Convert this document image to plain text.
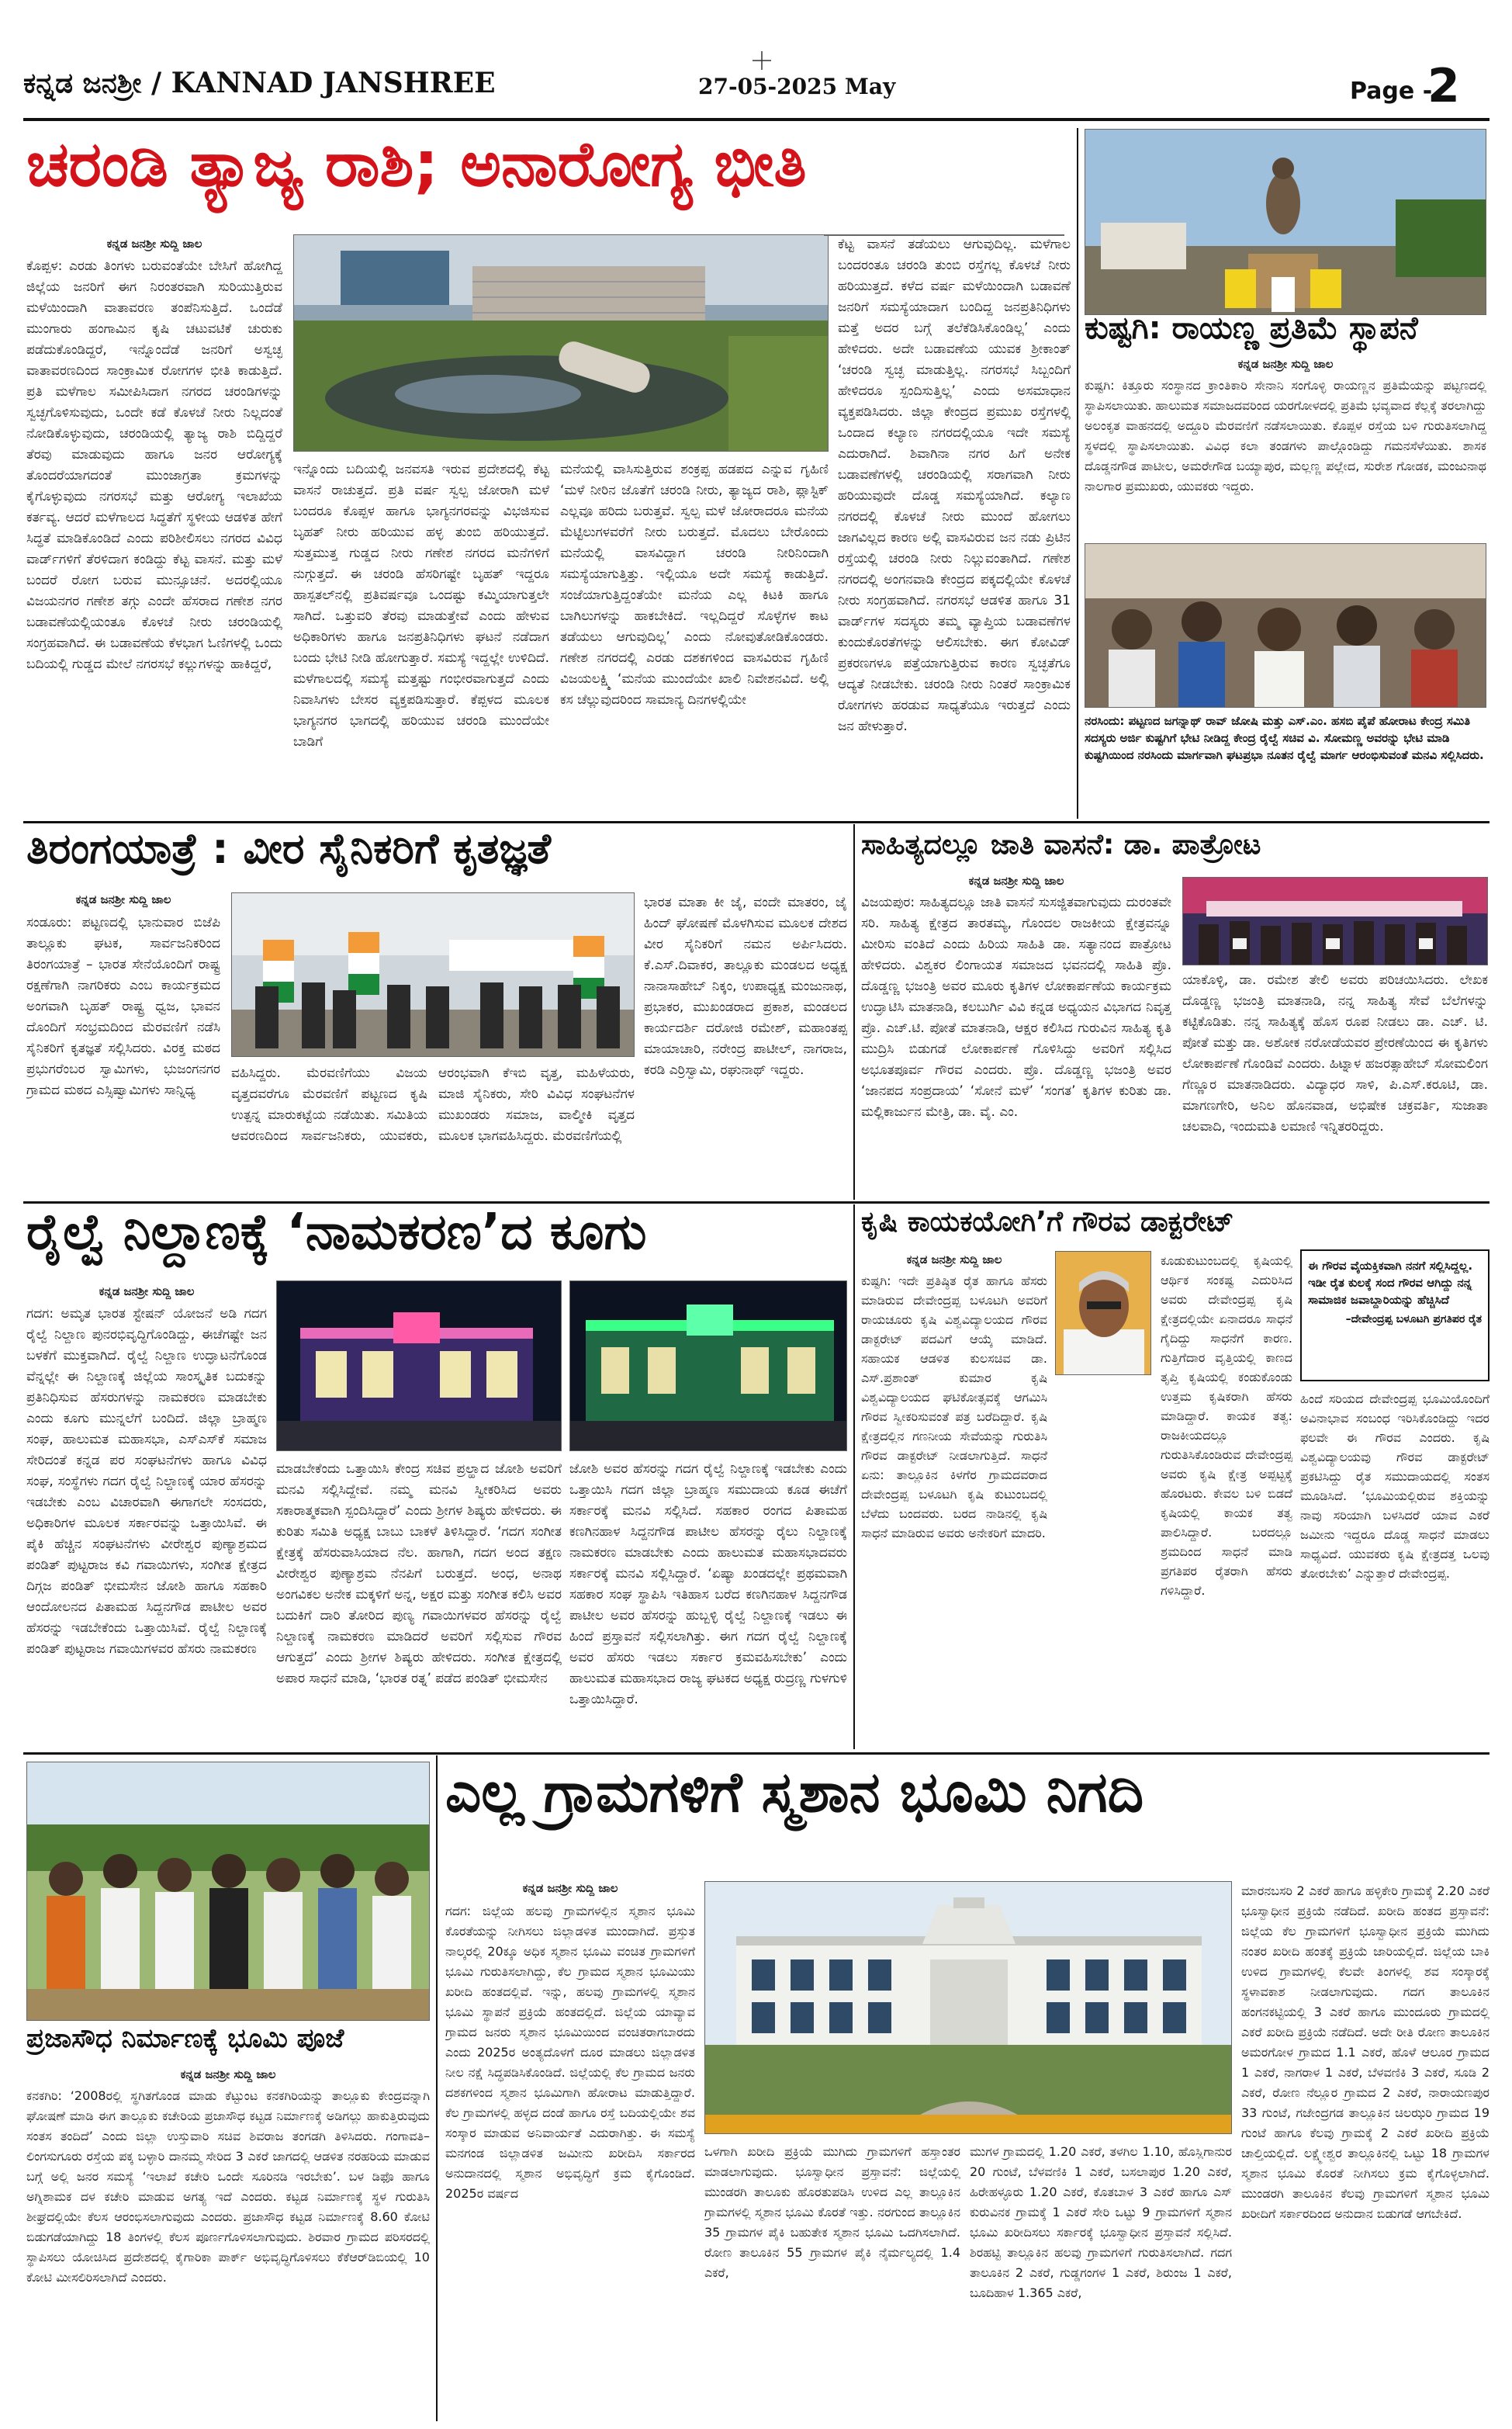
ಕನ್ನಡ ಜನಶ್ರೀ / KANNAD JANSHREE	27-05-2025 May	Page -
2
ಚರಂಡಿ ತ್ಯಾಜ್ಯ ರಾಶಿ; ಅನಾರೋಗ್ಯ ಭೀತಿ
ಕನ್ನಡ ಜನಶ್ರೀ ಸುದ್ದಿ ಜಾಲ
ಕೊಪ್ಪಳ: ಎರಡು ತಿಂಗಳು ಬರುವಂತೆಯೇ ಬೇಸಿಗೆ ಹೋಗಿದ್ದ ಜಿಲ್ಲೆಯ ಜನರಿಗೆ ಈಗ ನಿರಂತರವಾಗಿ ಸುರಿಯುತ್ತಿರುವ ಮಳೆಯಿಂದಾಗಿ ವಾತಾವರಣ ತಂಪೆನಿಸುತ್ತಿದೆ. ಒಂದೆಡೆ ಮುಂಗಾರು ಹಂಗಾಮಿನ ಕೃಷಿ ಚಟುವಟಿಕೆ ಚುರುಕು ಪಡೆದುಕೊಂಡಿದ್ದರೆ, ಇನ್ನೊಂದೆಡೆ ಜನರಿಗೆ ಅಸ್ವಚ್ಛ ವಾತಾವರಣದಿಂದ ಸಾಂಕ್ರಾಮಿಕ ರೋಗಗಳ ಭೀತಿ ಕಾಡುತ್ತಿದೆ. ಪ್ರತಿ ಮಳೆಗಾಲ ಸಮೀಪಿಸಿದಾಗ ನಗರದ ಚರಂಡಿಗಳನ್ನು ಸ್ವಚ್ಛಗೊಳಿಸುವುದು, ಒಂದೇ ಕಡೆ ಕೊಳಚೆ ನೀರು ನಿಲ್ಲದಂತೆ ನೋಡಿಕೊಳ್ಳುವುದು, ಚರಂಡಿಯಲ್ಲಿ ತ್ಯಾಜ್ಯ ರಾಶಿ ಬಿದ್ದಿದ್ದರೆ ತೆರವು ಮಾಡುವುದು ಹಾಗೂ ಜನರ ಆರೋಗ್ಯಕ್ಕೆ ತೊಂದರೆಯಾಗದಂತೆ ಮುಂಜಾಗ್ರತಾ ಕ್ರಮಗಳನ್ನು ಕೈಗೊಳ್ಳುವುದು ನಗರಸಭೆ ಮತ್ತು ಆರೋಗ್ಯ ಇಲಾಖೆಯ ಕರ್ತವ್ಯ. ಆದರೆ ಮಳೆಗಾಲದ ಸಿದ್ಧತೆಗೆ ಸ್ಥಳೀಯ ಆಡಳಿತ ಹೇಗೆ ಸಿದ್ಧತೆ ಮಾಡಿಕೊಂಡಿದೆ ಎಂದು ಪರಿಶೀಲಿಸಲು ನಗರದ ವಿವಿಧ ವಾರ್ಡ್‌ಗಳಿಗೆ ತೆರಳಿದಾಗ ಕಂಡಿದ್ದು ಕೆಟ್ಟ ವಾಸನೆ. ಮತ್ತು ಮಳೆ ಬಂದರೆ ರೋಗ ಬರುವ ಮುನ್ಸೂಚನೆ. ಅದರಲ್ಲಿಯೂ ವಿಜಯನಗರ ಗಣೇಶ ತಗ್ಗು ಎಂದೇ ಹೆಸರಾದ ಗಣೇಶ ನಗರ ಬಡಾವಣೆಯಲ್ಲಿಯಂತೂ ಕೊಳಚೆ ನೀರು ಚರಂಡಿಯಲ್ಲಿ ಸಂಗ್ರಹವಾಗಿದೆ. ಈ ಬಡಾವಣೆಯ ಕೆಳಭಾಗ ಓಣಿಗಳಲ್ಲಿ ಒಂದು ಬದಿಯಲ್ಲಿ ಗುಡ್ಡದ ಮೇಲೆ ನಗರಸಭೆ ಕಲ್ಲುಗಳನ್ನು ಹಾಕಿದ್ದರೆ,
ಇನ್ನೊಂದು ಬದಿಯಲ್ಲಿ ಜನವಸತಿ ಇರುವ ಪ್ರದೇಶದಲ್ಲಿ ಕೆಟ್ಟ ವಾಸನೆ ರಾಚುತ್ತದೆ. ಪ್ರತಿ ವರ್ಷ ಸ್ವಲ್ಪ ಜೋರಾಗಿ ಮಳೆ ಬಂದರೂ ಕೊಪ್ಪಳ ಹಾಗೂ ಭಾಗ್ಯನಗರವನ್ನು ವಿಭಜಿಸುವ ಬೃಹತ್ ನೀರು ಹರಿಯುವ ಹಳ್ಳ ತುಂಬಿ ಹರಿಯುತ್ತದೆ. ಸುತ್ತಮುತ್ತ ಗುಡ್ಡದ ನೀರು ಗಣೇಶ ನಗರದ ಮನೆಗಳಿಗೆ ನುಗ್ಗುತ್ತದೆ. ಈ ಚರಂಡಿ ಹೆಸರಿಗಷ್ಟೇ ಬೃಹತ್ ಇದ್ದರೂ ಹಾಸ್ಪತಲ್‌ನಲ್ಲಿ ಪ್ರತಿವರ್ಷವೂ ಒಂದಷ್ಟು ಕಮ್ಮಿಯಾಗುತ್ತಲೇ ಸಾಗಿದೆ. ಒತ್ತುವರಿ ತೆರವು ಮಾಡುತ್ತೇವೆ ಎಂದು ಹೇಳುವ ಅಧಿಕಾರಿಗಳು ಹಾಗೂ ಜನಪ್ರತಿನಿಧಿಗಳು ಘಟನೆ ನಡೆದಾಗ ಬಂದು ಭೇಟಿ ನೀಡಿ ಹೋಗುತ್ತಾರೆ. ಸಮಸ್ಯೆ ಇದ್ದಲ್ಲೇ ಉಳಿದಿದೆ. ಮಳೆಗಾಲದಲ್ಲಿ ಸಮಸ್ಯೆ ಮತ್ತಷ್ಟು ಗಂಭೀರವಾಗುತ್ತದೆ ಎಂದು ನಿವಾಸಿಗಳು ಬೇಸರ ವ್ಯಕ್ತಪಡಿಸುತ್ತಾರೆ. ಕೆಪ್ಪಳದ ಮೂಲಕ ಭಾಗ್ಯನಗರ ಭಾಗದಲ್ಲಿ ಹರಿಯುವ ಚರಂಡಿ ಮುಂದೆಯೇ ಬಾಡಿಗೆ
ಮನೆಯಲ್ಲಿ ವಾಸಿಸುತ್ತಿರುವ ಶಂಕ್ರಪ್ಪ ಹಡಪದ ಎನ್ನುವ ಗೃಹಿಣಿ ‘ಮಳೆ ನೀರಿನ ಜೊತೆಗೆ ಚರಂಡಿ ನೀರು, ತ್ಯಾಜ್ಯದ ರಾಶಿ, ಪ್ಲಾಸ್ಟಿಕ್ ಎಲ್ಲವೂ ಹರಿದು ಬರುತ್ತವೆ. ಸ್ವಲ್ಪ ಮಳೆ ಜೋರಾದರೂ ಮನೆಯ ಮೆಟ್ಟಿಲುಗಳವರೆಗೆ ನೀರು ಬರುತ್ತದೆ. ಮೊದಲು ಬೇರೊಂದು ಮನೆಯಲ್ಲಿ ವಾಸವಿದ್ದಾಗ ಚರಂಡಿ ನೀರಿನಿಂದಾಗಿ ಸಮಸ್ಯೆಯಾಗುತ್ತಿತ್ತು. ಇಲ್ಲಿಯೂ ಅದೇ ಸಮಸ್ಯೆ ಕಾಡುತ್ತಿದೆ. ಸಂಜೆಯಾಗುತ್ತಿದ್ದಂತೆಯೇ ಮನೆಯ ಎಲ್ಲ ಕಿಟಕಿ ಹಾಗೂ ಬಾಗಿಲುಗಳನ್ನು ಹಾಕಬೇಕಿದೆ. ಇಲ್ಲದಿದ್ದರೆ ಸೊಳ್ಳೆಗಳ ಕಾಟ ತಡೆಯಲು ಆಗುವುದಿಲ್ಲ’ ಎಂದು ನೋವುತೋಡಿಕೊಂಡರು. ಗಣೇಶ ನಗರದಲ್ಲಿ ಎರಡು ದಶಕಗಳಿಂದ ವಾಸವಿರುವ ಗೃಹಿಣಿ ವಿಜಯಲಕ್ಷ್ಮಿ ‘ಮನೆಯ ಮುಂದೆಯೇ ಖಾಲಿ ನಿವೇಶನವಿದೆ. ಅಲ್ಲಿ ಕಸ ಚೆಲ್ಲುವುದರಿಂದ ಸಾಮಾನ್ಯ ದಿನಗಳಲ್ಲಿಯೇ
ಕೆಟ್ಟ ವಾಸನೆ ತಡೆಯಲು ಆಗುವುದಿಲ್ಲ. ಮಳೆಗಾಲ ಬಂದರಂತೂ ಚರಂಡಿ ತುಂಬಿ ರಸ್ತೆಗಲ್ಲ ಕೊಳಚೆ ನೀರು ಹರಿಯುತ್ತದೆ. ಕಳೆದ ವರ್ಷ ಮಳೆಯಿಂದಾಗಿ ಬಡಾವಣೆ ಜನರಿಗೆ ಸಮಸ್ಯೆಯಾದಾಗ ಬಂದಿದ್ದ ಜನಪ್ರತಿನಿಧಿಗಳು ಮತ್ತೆ ಅದರ ಬಗ್ಗೆ ತಲೆಕೆಡಿಸಿಕೊಂಡಿಲ್ಲ’ ಎಂದು ಹೇಳಿದರು. ಅದೇ ಬಡಾವಣೆಯ ಯುವಕ ಶ್ರೀಕಾಂತ್ ‘ಚರಂಡಿ ಸ್ವಚ್ಛ ಮಾಡುತ್ತಿಲ್ಲ. ನಗರಸಭೆ ಸಿಬ್ಬಂದಿಗೆ ಹೇಳಿದರೂ ಸ್ಪಂದಿಸುತ್ತಿಲ್ಲ’ ಎಂದು ಅಸಮಾಧಾನ ವ್ಯಕ್ತಪಡಿಸಿದರು. ಜಿಲ್ಲಾ ಕೇಂದ್ರದ ಪ್ರಮುಖ ರಸ್ತೆಗಳಲ್ಲಿ ಒಂದಾದ ಕಲ್ಯಾಣ ನಗರದಲ್ಲಿಯೂ ಇದೇ ಸಮಸ್ಯೆ ಎದುರಾಗಿದೆ. ಶಿವಾಗಿನಾ ನಗರ ಹಿಗೆ ಅನೇಕ ಬಡಾವಣೆಗಳಲ್ಲಿ ಚರಂಡಿಯಲ್ಲಿ ಸರಾಗವಾಗಿ ನೀರು ಹರಿಯುವುದೇ ದೊಡ್ಡ ಸಮಸ್ಯೆಯಾಗಿದೆ. ಕಲ್ಯಾಣ ನಗರದಲ್ಲಿ ಕೊಳಚೆ ನೀರು ಮುಂದೆ ಹೋಗಲು ಜಾಗವಿಲ್ಲದ ಕಾರಣ ಅಲ್ಲಿ ವಾಸವಿರುವ ಜನ ನಡು ಪ್ರಿಟಿನ ರಸ್ತೆಯಲ್ಲಿ ಚರಂಡಿ ನೀರು ನಿಲ್ಲುವಂತಾಗಿದೆ. ಗಣೇಶ ನಗರದಲ್ಲಿ ಅಂಗನವಾಡಿ ಕೇಂದ್ರದ ಪಕ್ಕದಲ್ಲಿಯೇ ಕೊಳಚೆ ನೀರು ಸಂಗ್ರಹವಾಗಿದೆ. ನಗರಸಭೆ ಆಡಳಿತ ಹಾಗೂ 31 ವಾರ್ಡ್‌ಗಳ ಸದಸ್ಯರು ತಮ್ಮ ವ್ಯಾಪ್ತಿಯ ಬಡಾವಣೆಗಳ ಕುಂದುಕೊರತೆಗಳನ್ನು ಆಲಿಸಬೇಕು. ಈಗ ಕೋವಿಡ್ ಪ್ರಕರಣಗಳೂ ಪತ್ತೆಯಾಗುತ್ತಿರುವ ಕಾರಣ ಸ್ವಚ್ಛತೆಗೂ ಆದ್ಯತೆ ನೀಡಬೇಕು. ಚರಂಡಿ ನೀರು ನಿಂತರೆ ಸಾಂಕ್ರಾಮಿಕ ರೋಗಗಳು ಹರಡುವ ಸಾಧ್ಯತೆಯೂ ಇರುತ್ತದೆ ಎಂದು ಜನ ಹೇಳುತ್ತಾರೆ.
ಕುಷ್ಟಗಿ: ರಾಯಣ್ಣ ಪ್ರತಿಮೆ ಸ್ಥಾಪನೆ
ಕನ್ನಡ ಜನಶ್ರೀ ಸುದ್ದಿ ಜಾಲ
ಕುಷ್ಟಗಿ: ಕಿತ್ತೂರು ಸಂಸ್ಥಾನದ ಕ್ರಾಂತಿಕಾರಿ ಸೇನಾನಿ ಸಂಗೊಳ್ಳಿ ರಾಯಣ್ಣನ ಪ್ರತಿಮೆಯನ್ನು ಪಟ್ಟಣದಲ್ಲಿ ಸ್ಥಾಪಿಸಲಾಯಿತು. ಹಾಲುಮತ ಸಮಾಜದವರಿಂದ ಯರಗೋಳದಲ್ಲಿ ಪ್ರತಿಮೆ ಭವ್ಯವಾದ ಕೆಲ್ಲಕ್ಕೆ ತರಲಾಗಿದ್ದು ಅಲಂಕೃತ ವಾಹನದಲ್ಲಿ ಅದ್ದೂರಿ ಮೆರವಣಿಗೆ ನಡೆಸಲಾಯಿತು. ಕೊಪ್ಪಳ ರಸ್ತೆಯ ಬಳಿ ಗುರುತಿಸಲಾಗಿದ್ದ ಸ್ಥಳದಲ್ಲಿ ಸ್ಥಾಪಿಸಲಾಯಿತು. ವಿವಿಧ ಕಲಾ ತಂಡಗಳು ಪಾಲ್ಗೊಂಡಿದ್ದು ಗಮನಸೆಳೆಯಿತು. ಶಾಸಕ ದೊಡ್ಡನಗೌಡ ಪಾಟೀಲ, ಅಮರೇಗೌಡ ಬಯ್ಯಾಪುರ, ಮಲ್ಲಣ್ಣ ಪಲ್ಲೇದ, ಸುರೇಶ ಗೋಡಕ, ಮಂಜುನಾಥ ನಾಲಗಾರ ಪ್ರಮುಖರು, ಯುವಕರು ಇದ್ದರು.
ನರಸಿಂದು: ಪಟ್ಟಣದ ಜಗನ್ನಾಥ್ ರಾವ್ ಜೋಷಿ ಮತ್ತು ಎಸ್.ಎಂ. ಹಸಬಿ ಪೈಪೆ ಹೋರಾಟ ಕೇಂದ್ರ ಸಮಿತಿ ಸದಸ್ಯರು ಅರ್ಜಿ ಕುಷ್ಟಗಿಗೆ ಭೇಟಿ ನೀಡಿದ್ದ ಕೇಂದ್ರ ರೈಲ್ವೆ ಸಚಿವ ವಿ. ಸೋಮಣ್ಣ ಅವರನ್ನು ಭೇಟಿ ಮಾಡಿ ಕುಷ್ಟಗಿಯಿಂದ ನರಸಿಂದು ಮಾರ್ಗವಾಗಿ ಘಟಪ್ರಭಾ ನೂತನ ರೈಲ್ವೆ ಮಾರ್ಗ ಆರಂಭಿಸುವಂತೆ ಮನವಿ ಸಲ್ಲಿಸಿದರು.
ತಿರಂಗಯಾತ್ರೆ : ವೀರ ಸೈನಿಕರಿಗೆ ಕೃತಜ್ಞತೆ
ಕನ್ನಡ ಜನಶ್ರೀ ಸುದ್ದಿ ಜಾಲ
ಸಂಡೂರು: ಪಟ್ಟಣದಲ್ಲಿ ಭಾನುವಾರ ಬಿಜೆಪಿ ತಾಲ್ಲೂಕು ಘಟಕ, ಸಾರ್ವಜನಿಕರಿಂದ ತಿರಂಗಯಾತ್ರೆ – ಭಾರತ ಸೇನೆಯೊಂದಿಗೆ ರಾಷ್ಟ್ರ ರಕ್ಷಣೆಗಾಗಿ ನಾಗರಿಕರು ಎಂಬ ಕಾರ್ಯಕ್ರಮದ ಅಂಗವಾಗಿ ಬೃಹತ್ ರಾಷ್ಟ್ರ ಧ್ವಜ, ಭಾವನ ದೊಂದಿಗೆ ಸಂಭ್ರಮದಿಂದ ಮೆರವಣಿಗೆ ನಡೆಸಿ ಸೈನಿಕರಿಗೆ ಕೃತಜ್ಞತೆ ಸಲ್ಲಿಸಿದರು. ವಿರಕ್ತ ಮಠದ ಪ್ರಭುಗರೆಂಬರ ಸ್ವಾಮಿಗಳು, ಭುಜಂಗನಗರ ಗ್ರಾಮದ ಮಠದ ಎಸ್ಸಿಷ್ವಾಮಿಗಳು ಸಾನ್ನಿಧ್ಯ
ವಹಿಸಿದ್ದರು. ಮೆರವಣಿಗೆಯು ವಿಜಯ ವೃತ್ತದವರೆಗೂ ಮೆರವಣಿಗೆ ಪಟ್ಟಣದ ಕೃಷಿ ಉತ್ಪನ್ನ ಮಾರುಕಟ್ಟೆಯ ನಡೆಯಿತು. ಸಮಿತಿಯ ಆವರಣದಿಂದ ಸಾರ್ವಜನಿಕರು, ಯುವಕರು, ಆರಂಭವಾಗಿ ಕೆಇಬಿ ವೃತ್ತ, ಮಹಿಳೆಯರು, ಮಾಜಿ ಸೈನಿಕರು, ಸೇರಿ ವಿವಿಧ ಸಂಘಟನೆಗಳ ಮುಖಂಡರು ಸಮಾಜ, ವಾಲ್ಮೀಕಿ ವೃತ್ತದ ಮೂಲಕ ಭಾಗವಹಿಸಿದ್ದರು. ಮೆರವಣಿಗೆಯಲ್ಲಿ
ಭಾರತ ಮಾತಾ ಕೀ ಜೈ, ವಂದೇ ಮಾತರಂ, ಜೈ ಹಿಂದ್ ಘೋಷಣೆ ಮೊಳಗಿಸುವ ಮೂಲಕ ದೇಶದ ವೀರ ಸೈನಿಕರಿಗೆ ನಮನ ಅರ್ಪಿಸಿದರು. ಕೆ.ಎಸ್.ದಿವಾಕರ, ತಾಲ್ಲೂಕು ಮಂಡಲದ ಅಧ್ಯಕ್ಷ ನಾನಾಸಾಹೇಬ್ ನಿಕ್ಕಂ, ಉಪಾಧ್ಯಕ್ಷ ಮಂಜುನಾಥ, ಪ್ರಭಾಕರ, ಮುಖಂಡರಾದ ಪ್ರಕಾಶ, ಮಂಡಲದ ಕಾರ್ಯದರ್ಶಿ ದರೋಜಿ ರಮೇಶ್, ಮಹಾಂತಪ್ಪ ಮಾಯಾಚಾರಿ, ನರೇಂದ್ರ ಪಾಟೀಲ್, ನಾಗರಾಜ, ಕರಡಿ ಎರ್ರಿಸ್ವಾಮಿ, ರಘುನಾಥ್ ಇದ್ದರು.
ಸಾಹಿತ್ಯದಲ್ಲೂ ಜಾತಿ ವಾಸನೆ: ಡಾ. ಪಾತ್ರೋಟ
ಕನ್ನಡ ಜನಶ್ರೀ ಸುದ್ದಿ ಜಾಲ
ವಿಜಯಪುರ: ಸಾಹಿತ್ಯದಲ್ಲೂ ಜಾತಿ ವಾಸನೆ ಸುಸಜ್ಜಿತವಾಗುವುದು ದುರಂತವೇ ಸರಿ. ಸಾಹಿತ್ಯ ಕ್ಷೇತ್ರದ ತಾರತಮ್ಯ, ಗೊಂದಲ ರಾಜಕೀಯ ಕ್ಷೇತ್ರವನ್ನೂ ಮೀರಿಸು ವಂತಿದೆ ಎಂದು ಹಿರಿಯ ಸಾಹಿತಿ ಡಾ. ಸತ್ಯಾನಂದ ಪಾತ್ರೋಟ ಹೇಳಿದರು. ವಿಶ್ವಕರ ಲಿಂಗಾಯತ ಸಮಾಜದ ಭವನದಲ್ಲಿ ಸಾಹಿತಿ ಪ್ರೊ. ದೊಡ್ಡಣ್ಣ ಭಜಂತ್ರಿ ಅವರ ಮೂರು ಕೃತಿಗಳ ಲೋಕಾರ್ಪಣೆಯ ಕಾರ್ಯಕ್ರಮ ಉದ್ಘಾಟಿಸಿ ಮಾತನಾಡಿ, ಕಲಬುರ್ಗಿ ವಿವಿ ಕನ್ನಡ ಅಧ್ಯಯನ ವಿಭಾಗದ ನಿವೃತ್ತ ಪ್ರೊ. ಎಚ್.ಟಿ. ಪೋತೆ ಮಾತನಾಡಿ, ಆಕ್ಷರ ಕಲಿಸಿದ ಗುರುವಿನ ಸಾಹಿತ್ಯ ಕೃತಿ ಮುದ್ರಿಸಿ ಬಿಡುಗಡೆ ಲೋಕಾರ್ಪಣೆ ಗೊಳಿಸಿದ್ದು ಅವರಿಗೆ ಸಲ್ಲಿಸಿದ ಅಭೂತಪೂರ್ವ ಗೌರವ ಎಂದರು. ಪ್ರೊ. ದೊಡ್ಡಣ್ಣ ಭಜಂತ್ರಿ ಅವರ ‘ಜಾನಪದ ಸಂಪ್ರದಾಯ’ ‘ಸೋನೆ ಮಳೆ’ ‘ಸಂಗತ’ ಕೃತಿಗಳ ಕುರಿತು ಡಾ. ಮಲ್ಲಿಕಾರ್ಜುನ ಮೇತ್ರಿ, ಡಾ. ವೈ. ಎಂ.
ಯಾಕೊಳ್ಳಿ, ಡಾ. ರಮೇಶ ತೇಲಿ ಅವರು ಪರಿಚಯಿಸಿದರು. ಲೇಖಕ ದೊಡ್ಡಣ್ಣ ಭಜಂತ್ರಿ ಮಾತನಾಡಿ, ನನ್ನ ಸಾಹಿತ್ಯ ಸೇವೆ ಬೆಲೆಗಳನ್ನು ಕಟ್ಟಿಕೊಡಿತು. ನನ್ನ ಸಾಹಿತ್ಯಕ್ಕೆ ಹೊಸ ರೂಪ ನೀಡಲು ಡಾ. ಎಚ್. ಟಿ. ಪೋತೆ ಮತ್ತು ಡಾ. ಅಶೋಕ ನರೋಡೆಯವರ ಪ್ರೇರಣೆಯಿಂದ ಈ ಕೃತಿಗಳು ಲೋಕಾರ್ಪಣೆ ಗೊಂಡಿವೆ ಎಂದರು. ಹಿಟ್ನಾಳ ಹಜರತ್ಸಾಹೇಬ್ ಸೋಮಲಿಂಗ ಗೆಣ್ಣೂರ ಮಾತನಾಡಿದರು. ವಿದ್ಯಾಧರ ಸಾಳಿ, ಪಿ.ಎಸ್.ಕರೂಟಿ, ಡಾ. ಮಾಗಣಗೇರಿ, ಅನಿಲ ಹೊನವಾಡ, ಅಭಿಷೇಕ ಚಕ್ರವರ್ತಿ, ಸುಜಾತಾ ಚಲವಾದಿ, ಇಂದುಮತಿ ಲಮಾಣಿ ಇನ್ನಿತರರಿದ್ದರು.
ರೈಲ್ವೆ ನಿಲ್ದಾಣಕ್ಕೆ ‘ನಾಮಕರಣ’ದ ಕೂಗು
ಕನ್ನಡ ಜನಶ್ರೀ ಸುದ್ದಿ ಜಾಲ
ಗದಗ: ಅಮೃತ ಭಾರತ ಸ್ಟೇಷನ್ ಯೋಜನೆ ಅಡಿ ಗದಗ ರೈಲ್ವೆ ನಿಲ್ದಾಣ ಪುನರಭಿವೃದ್ಧಿಗೊಂಡಿದ್ದು, ಈಚೆಗಷ್ಟೇ ಜನ ಬಳಕೆಗೆ ಮುಕ್ತವಾಗಿದೆ. ರೈಲ್ವೆ ನಿಲ್ದಾಣ ಉದ್ಘಾಟನೆಗೊಂಡ ವೆನ್ನಲ್ಲೇ ಈ ನಿಲ್ದಾಣಕ್ಕೆ ಜಿಲ್ಲೆಯ ಸಾಂಸ್ಕೃತಿಕ ಬದುಕನ್ನು ಪ್ರತಿನಿಧಿಸುವ ಹೆಸರುಗಳನ್ನು ನಾಮಕರಣ ಮಾಡಬೇಕು ಎಂದು ಕೂಗು ಮುನ್ನಲೆಗೆ ಬಂದಿದೆ. ಜಿಲ್ಲಾ ಬ್ರಾಹ್ಮಣ ಸಂಘ, ಹಾಲುಮತ ಮಹಾಸಭಾ, ಎಸ್‌ಎಸ್‌ಕೆ ಸಮಾಜ ಸೇರಿದಂತೆ ಕನ್ನಡ ಪರ ಸಂಘಟನೆಗಳು ಹಾಗೂ ವಿವಿಧ ಸಂಘ, ಸಂಸ್ಥೆಗಳು ಗದಗ ರೈಲ್ವೆ ನಿಲ್ದಾಣಕ್ಕೆ ಯಾರ ಹೆಸರನ್ನು ಇಡಬೇಕು ಎಂಬ ವಿಚಾರವಾಗಿ ಈಗಾಗಲೇ ಸಂಸದರು, ಅಧಿಕಾರಿಗಳ ಮೂಲಕ ಸರ್ಕಾರವನ್ನು ಒತ್ತಾಯಿಸಿವೆ. ಈ ಪೈಕಿ ಹೆಚ್ಚಿನ ಸಂಘಟನೆಗಳು ವೀರೇಶ್ವರ ಪುಣ್ಯಾಶ್ರಮದ ಪಂಡಿತ್ ಪುಟ್ಟರಾಜ ಕವಿ ಗವಾಯಿಗಳು, ಸಂಗೀತ ಕ್ಷೇತ್ರದ ದಿಗ್ಗಜ ಪಂಡಿತ್ ಭೀಮಸೇನ ಜೋಶಿ ಹಾಗೂ ಸಹಕಾರಿ ಆಂದೋಲನದ ಪಿತಾಮಹ ಸಿದ್ದನಗೌಡ ಪಾಟೀಲ ಅವರ ಹೆಸರನ್ನು ಇಡಬೇಕೆಂದು ಒತ್ತಾಯಿಸಿವೆ. ರೈಲ್ವೆ ನಿಲ್ದಾಣಕ್ಕೆ ಪಂಡಿತ್ ಪುಟ್ಟರಾಜ ಗವಾಯಿಗಳವರ ಹೆಸರು ನಾಮಕರಣ
ಮಾಡಬೇಕೆಂದು ಒತ್ತಾಯಿಸಿ ಕೇಂದ್ರ ಸಚಿವ ಪ್ರಲ್ಹಾದ ಜೋಶಿ ಅವರಿಗೆ ಮನವಿ ಸಲ್ಲಿಸಿದ್ದೇವೆ. ನಮ್ಮ ಮನವಿ ಸ್ವೀಕರಿಸಿದ ಅವರು ಸಕಾರಾತ್ಮಕವಾಗಿ ಸ್ಪಂದಿಸಿದ್ದಾರೆ’ ಎಂದು ಶ್ರೀಗಳ ಶಿಷ್ಯರು ಹೇಳಿದರು. ಈ ಕುರಿತು ಸಮಿತಿ ಅಧ್ಯಕ್ಷ ಬಾಬು ಬಾಕಳೆ ತಿಳಿಸಿದ್ದಾರೆ. ‘ಗದಗ ಸಂಗೀತ ಕ್ಷೇತ್ರಕ್ಕೆ ಹೆಸರುವಾಸಿಯಾದ ನೆಲ. ಹಾಗಾಗಿ, ಗದಗ ಅಂದ ತಕ್ಷಣ ವೀರೇಶ್ವರ ಪುಣ್ಯಾಶ್ರಮ ನೆನಪಿಗೆ ಬರುತ್ತದೆ. ಅಂಧ, ಅನಾಥ ಅಂಗವಿಕಲ ಅನೇಕ ಮಕ್ಕಳಿಗೆ ಅನ್ನ, ಅಕ್ಷರ ಮತ್ತು ಸಂಗೀತ ಕಲಿಸಿ ಅವರ ಬದುಕಿಗೆ ದಾರಿ ತೋರಿದ ಪುಣ್ಯ ಗವಾಯಿಗಳವರ ಹೆಸರನ್ನು ರೈಲ್ವೆ ನಿಲ್ದಾಣಕ್ಕೆ ನಾಮಕರಣ ಮಾಡಿದರೆ ಅವರಿಗೆ ಸಲ್ಲಿಸುವ ಗೌರವ ಆಗುತ್ತದೆ’ ಎಂದು ಶ್ರೀಗಳ ಶಿಷ್ಯರು ಹೇಳಿದರು. ಸಂಗೀತ ಕ್ಷೇತ್ರದಲ್ಲಿ ಅಪಾರ ಸಾಧನೆ ಮಾಡಿ, ‘ಭಾರತ ರತ್ನ’ ಪಡೆದ ಪಂಡಿತ್ ಭೀಮಸೇನ
ಜೋಶಿ ಅವರ ಹೆಸರನ್ನು ಗದಗ ರೈಲ್ವೆ ನಿಲ್ದಾಣಕ್ಕೆ ಇಡಬೇಕು ಎಂದು ಒತ್ತಾಯಿಸಿ ಗದಗ ಜಿಲ್ಲಾ ಬ್ರಾಹ್ಮಣ ಸಮುದಾಯ ಕೂಡ ಈಚೆಗೆ ಸರ್ಕಾರಕ್ಕೆ ಮನವಿ ಸಲ್ಲಿಸಿದೆ. ಸಹಕಾರ ರಂಗದ ಪಿತಾಮಹ ಕಣಗಿನಹಾಳ ಸಿದ್ದನಗೌಡ ಪಾಟೀಲ ಹೆಸರನ್ನು ರೈಲು ನಿಲ್ದಾಣಕ್ಕೆ ನಾಮಕರಣ ಮಾಡಬೇಕು ಎಂದು ಹಾಲುಮತ ಮಹಾಸಭಾದವರು ಸರ್ಕಾರಕ್ಕೆ ಮನವಿ ಸಲ್ಲಿಸಿದ್ದಾರೆ. ‘ಏಷ್ಯಾ ಖಂಡದಲ್ಲೇ ಪ್ರಥಮವಾಗಿ ಸಹಕಾರ ಸಂಘ ಸ್ಥಾಪಿಸಿ ಇತಿಹಾಸ ಬರೆದ ಕಣಗಿನಹಾಳ ಸಿದ್ದನಗೌಡ ಪಾಟೀಲ ಅವರ ಹೆಸರನ್ನು ಹುಬ್ಬಳ್ಳಿ ರೈಲ್ವೆ ನಿಲ್ದಾಣಕ್ಕೆ ಇಡಲು ಈ ಹಿಂದೆ ಪ್ರಸ್ತಾವನೆ ಸಲ್ಲಿಸಲಾಗಿತ್ತು. ಈಗ ಗದಗ ರೈಲ್ವೆ ನಿಲ್ದಾಣಕ್ಕೆ ಅವರ ಹೆಸರು ಇಡಲು ಸರ್ಕಾರ ಕ್ರಮವಹಿಸಬೇಕು’ ಎಂದು ಹಾಲುಮತ ಮಹಾಸಭಾದ ರಾಜ್ಯ ಘಟಕದ ಅಧ್ಯಕ್ಷ ರುದ್ರಣ್ಣ ಗುಳಗುಳಿ ಒತ್ತಾಯಿಸಿದ್ದಾರೆ.
ಕೃಷಿ ಕಾಯಕಯೋಗಿ’ಗೆ ಗೌರವ ಡಾಕ್ಟರೇಟ್
ಕನ್ನಡ ಜನಶ್ರೀ ಸುದ್ದಿ ಜಾಲ
ಕುಷ್ಟಗಿ: ಇದೇ ಪ್ರತಿಷ್ಠಿತ ರೈತ ಹಾಗೂ ಹೆಸರು ಮಾಡಿರುವ ದೇವೇಂದ್ರಪ್ಪ ಬಳೂಟಗಿ ಅವರಿಗೆ ರಾಯಚೂರು ಕೃಷಿ ವಿಶ್ವವಿದ್ಯಾಲಯದ ಗೌರವ ಡಾಕ್ಟರೇಟ್ ಪದವಿಗೆ ಆಯ್ಕೆ ಮಾಡಿದೆ. ಸಹಾಯಕ ಆಡಳಿತ ಕುಲಸಚಿವ ಡಾ. ಎಸ್.ಪ್ರಶಾಂತ್ ಕುಮಾರ ಕೃಷಿ ವಿಶ್ವವಿದ್ಯಾಲಯದ ಘಟಿಕೋತ್ಸವಕ್ಕೆ ಆಗಮಿಸಿ ಗೌರವ ಸ್ವೀಕರಿಸುವಂತೆ ಪತ್ರ ಬರೆದಿದ್ದಾರೆ. ಕೃಷಿ ಕ್ಷೇತ್ರದಲ್ಲಿನ ಗಣನೀಯ ಸೇವೆಯನ್ನು ಗುರುತಿಸಿ ಗೌರವ ಡಾಕ್ಟರೇಟ್ ನೀಡಲಾಗುತ್ತಿದೆ. ಸಾಧನೆ ಏನು: ತಾಲ್ಲೂಕಿನ ಕಿಳಗೆರ ಗ್ರಾಮದವರಾದ ದೇವೇಂದ್ರಪ್ಪ ಬಳೂಟಗಿ ಕೃಷಿ ಕುಟುಂಬದಲ್ಲಿ ಬೆಳೆದು ಬಂದವರು. ಬರದ ನಾಡಿನಲ್ಲಿ ಕೃಷಿ ಸಾಧನೆ ಮಾಡಿರುವ ಅವರು ಅನೇಕರಿಗೆ ಮಾದರಿ.
ಕೂಡುಕುಟುಂಬದಲ್ಲಿ ಕೃಷಿಯಲ್ಲಿ ಆರ್ಥಿಕ ಸಂಕಷ್ಟ ಎದುರಿಸಿದ ಅವರು ದೇವೇಂದ್ರಪ್ಪ ಕೃಷಿ ಕ್ಷೇತ್ರದಲ್ಲಿಯೇ ಏನಾದರೂ ಸಾಧನೆ ಗೈದಿದ್ದು ಸಾಧನೆಗೆ ಕಾರಣ. ಗುತ್ತಿಗೆದಾರ ವೃತ್ತಿಯಲ್ಲಿ ಕಾಣದ ತೃಪ್ತಿ ಕೃಷಿಯಲ್ಲಿ ಕಂಡುಕೊಂಡು ಉತ್ತಮ ಕೃಷಿಕರಾಗಿ ಹೆಸರು ಮಾಡಿದ್ದಾರೆ. ಕಾಯಕ ತತ್ವ: ರಾಜಕೀಯದಲ್ಲೂ ಗುರುತಿಸಿಕೊಂಡಿರುವ ದೇವೇಂದ್ರಪ್ಪ ಅವರು ಕೃಷಿ ಕ್ಷೇತ್ರ ಅಪ್ಪಟ್ಟಕ್ಕೆ ಹೊರಟರು. ಕೇವಲ ಬಳಿ ಬಿಡದೆ ಕೃಷಿಯಲ್ಲಿ ಕಾಯಕ ತತ್ವ ಪಾಲಿಸಿದ್ದಾರೆ. ಬರದಲ್ಲೂ ಶ್ರಮದಿಂದ ಸಾಧನೆ ಮಾಡಿ ಪ್ರಗತಿಪರ ರೈತರಾಗಿ ಹೆಸರು ಗಳಿಸಿದ್ದಾರೆ.
ಈ ಗೌರವ ವೈಯಕ್ತಿಕವಾಗಿ ನನಗೆ ಸಲ್ಲಿಸಿದ್ದಲ್ಲ. ಇಡೀ ರೈತ ಕುಲಕ್ಕೆ ಸಂದ ಗೌರವ ಆಗಿದ್ದು ನನ್ನ ಸಾಮಾಜಿಕ ಜವಾಬ್ದಾರಿಯನ್ನು ಹೆಚ್ಚಿಸಿದೆ
–ದೇವೇಂದ್ರಪ್ಪ ಬಳೂಟಗಿ ಪ್ರಗತಿಪರ ರೈತ
ಹಿಂದೆ ಸರಿಯದ ದೇವೇಂದ್ರಪ್ಪ ಭೂಮಿಯೊಂದಿಗೆ ಅವಿನಾಭಾವ ಸಂಬಂಧ ಇರಿಸಿಕೊಂಡಿದ್ದು ಇದರ ಫಲವೇ ಈ ಗೌರವ ಎಂದರು. ಕೃಷಿ ವಿಶ್ವವಿದ್ಯಾಲಯವು ಗೌರವ ಡಾಕ್ಟರೇಟ್ ಪ್ರಕಟಿಸಿದ್ದು ರೈತ ಸಮುದಾಯದಲ್ಲಿ ಸಂತಸ ಮೂಡಿಸಿದೆ. ‘ಭೂಮಿಯಲ್ಲಿರುವ ಶಕ್ತಿಯನ್ನು ನಾವು ಸರಿಯಾಗಿ ಬಳಸಿದರೆ ಯಾವ ಎಕರೆ ಜಮೀನು ಇದ್ದರೂ ದೊಡ್ಡ ಸಾಧನೆ ಮಾಡಲು ಸಾಧ್ಯವಿದೆ. ಯುವಕರು ಕೃಷಿ ಕ್ಷೇತ್ರದತ್ತ ಒಲವು ತೋರಬೇಕು’ ಎನ್ನುತ್ತಾರೆ ದೇವೇಂದ್ರಪ್ಪ.
ಪ್ರಜಾಸೌಧ ನಿರ್ಮಾಣಕ್ಕೆ ಭೂಮಿ ಪೂಜೆ
ಕನ್ನಡ ಜನಶ್ರೀ ಸುದ್ದಿ ಜಾಲ
ಕನಕಗಿರಿ: ‘2008ರಲ್ಲಿ ಸ್ಥಗಿತಗೊಂಡ ಮಾಡು ಕೆಟ್ಟುಂಟ ಕನಕಗಿರಿಯನ್ನು ತಾಲ್ಲೂಕು ಕೇಂದ್ರವನ್ನಾಗಿ ಘೋಷಣೆ ಮಾಡಿ ಈಗ ತಾಲ್ಲೂಕು ಕಚೇರಿಯ ಪ್ರಜಾಸೌಧ ಕಟ್ಟಡ ನಿರ್ಮಾಣಕ್ಕೆ ಅಡಿಗಲ್ಲು ಹಾಕುತ್ತಿರುವುದು ಸಂತಸ ತಂದಿದೆ’ ಎಂದು ಜಿಲ್ಲಾ ಉಸ್ತುವಾರಿ ಸಚಿವ ಶಿವರಾಜ ತಂಗಡಗಿ ತಿಳಿಸಿದರು. ಗಂಗಾವತಿ–ಲಿಂಗಸುಗೂರು ರಸ್ತೆಯ ಪಕ್ಕ ಬಳ್ಳಾರಿ ದಾನಮ್ಮ ಸೇರಿದ 3 ಎಕರೆ ಜಾಗದಲ್ಲಿ ಆಡಳಿತ ನರಹರಿಯ ಮಾಡುವ ಬಗ್ಗೆ ಅಲ್ಲಿ ಜನರ ಸಮಸ್ಯೆ ‘ಇಲಾಖೆ ಕಚೇರಿ ಒಂದೇ ಸೂರಿನಡಿ ಇರಬೇಕು’. ಬಳ ಡಿಫೊ ಹಾಗೂ ಅಗ್ನಿಶಾಮಕ ದಳ ಕಚೇರಿ ಮಾಡುವ ಅಗತ್ಯ ಇದೆ ಎಂದರು. ಕಟ್ಟಡ ನಿರ್ಮಾಣಕ್ಕೆ ಸ್ಥಳ ಗುರುತಿಸಿ ಶೀಘ್ರದಲ್ಲಿಯೇ ಕೆಲಸ ಆರಂಭಿಸಲಾಗುವುದು ಎಂದರು. ಪ್ರಜಾಸೌಧ ಕಟ್ಟಡ ನಿರ್ಮಾಣಕ್ಕೆ 8.60 ಕೋಟಿ ಬಿಡುಗಡೆಯಾಗಿದ್ದು 18 ತಿಂಗಳಲ್ಲಿ ಕೆಲಸ ಪೂರ್ಣಗೊಳಿಸಲಾಗುವುದು. ಶಿರವಾರ ಗ್ರಾಮದ ಪರಿಸರದಲ್ಲಿ ಸ್ಥಾಪಿಸಲು ಯೋಚಿಸಿದ ಪ್ರದೇಶದಲ್ಲಿ ಕೈಗಾರಿಕಾ ಪಾರ್ಕ್ ಅಭಿವೃದ್ಧಿಗೊಳಿಸಲು ಕೆಕೆಆರ್‌ಡಿಬಿಯಲ್ಲಿ 10 ಕೋಟಿ ಮೀಸಲಿರಿಸಲಾಗಿದೆ ಎಂದರು.
ಎಲ್ಲ ಗ್ರಾಮಗಳಿಗೆ ಸ್ಮಶಾನ ಭೂಮಿ ನಿಗದಿ
ಕನ್ನಡ ಜನಶ್ರೀ ಸುದ್ದಿ ಜಾಲ
ಗದಗ: ಜಿಲ್ಲೆಯ ಹಲವು ಗ್ರಾಮಗಳಲ್ಲಿನ ಸ್ಮಶಾನ ಭೂಮಿ ಕೊರತೆಯನ್ನು ನೀಗಿಸಲು ಜಿಲ್ಲಾಡಳಿತ ಮುಂದಾಗಿದೆ. ಪ್ರಸ್ತುತ ನಾಲ್ಕರಲ್ಲಿ 20ಕ್ಕೂ ಅಧಿಕ ಸ್ಮಶಾನ ಭೂಮಿ ವಂಚಿತ ಗ್ರಾಮಗಳಿಗೆ ಭೂಮಿ ಗುರುತಿಸಲಾಗಿದ್ದು, ಕೆಲ ಗ್ರಾಮದ ಸ್ಮಶಾನ ಭೂಮಿಯು ಖರೀದಿ ಹಂತದಲ್ಲಿವೆ. ಇನ್ನು, ಹಲವು ಗ್ರಾಮಗಳಲ್ಲಿ ಸ್ಮಶಾನ ಭೂಮಿ ಸ್ಥಾಪನೆ ಪ್ರಕ್ರಿಯೆ ಹಂತದಲ್ಲಿದೆ. ಜಿಲ್ಲೆಯ ಯಾವ್ಯಾವ ಗ್ರಾಮದ ಜನರು ಸ್ಮಶಾನ ಭೂಮಿಯಿಂದ ವಂಚಿತರಾಗಬಾರದು ಎಂದು 2025ರ ಅಂತ್ಯದೊಳಗೆ ದೂರ ಮಾಡಲು ಜಿಲ್ಲಾಡಳಿತ ನೀಲ ನಕ್ಷೆ ಸಿದ್ಧಪಡಿಸಿಕೊಂಡಿದೆ. ಜಿಲ್ಲೆಯಲ್ಲಿ ಕೆಲ ಗ್ರಾಮದ ಜನರು ದಶಕಗಳಿಂದ ಸ್ಮಶಾನ ಭೂಮಿಗಾಗಿ ಹೋರಾಟ ಮಾಡುತ್ತಿದ್ದಾರೆ. ಕೆಲ ಗ್ರಾಮಗಳಲ್ಲಿ ಹಳ್ಳದ ದಂಡೆ ಹಾಗೂ ರಸ್ತೆ ಬದಿಯಲ್ಲಿಯೇ ಶವ ಸಂಸ್ಕಾರ ಮಾಡುವ ಅನಿವಾರ್ಯತೆ ಎದುರಾಗಿತ್ತು. ಈ ಸಮಸ್ಯೆ ಮನಗಂಡ ಜಿಲ್ಲಾಡಳಿತ ಜಮೀನು ಖರೀದಿಸಿ ಸರ್ಕಾರದ ಅನುದಾನದಲ್ಲಿ ಸ್ಮಶಾನ ಅಭಿವೃದ್ಧಿಗೆ ಕ್ರಮ ಕೈಗೊಂಡಿದೆ. 2025ರ ವರ್ಷದ
ಒಳಗಾಗಿ ಖರೀದಿ ಪ್ರಕ್ರಿಯೆ ಮುಗಿದು ಗ್ರಾಮಗಳಿಗೆ ಹಸ್ತಾಂತರ ಮಾಡಲಾಗುವುದು. ಭೂಸ್ವಾಧೀನ ಪ್ರಸ್ತಾವನೆ: ಜಿಲ್ಲೆಯಲ್ಲಿ ಮುಂಡರಗಿ ತಾಲೂಕು ಹೊರತುಪಡಿಸಿ ಉಳಿದ ಎಲ್ಲ ತಾಲ್ಲೂಕಿನ ಗ್ರಾಮಗಳಲ್ಲಿ ಸ್ಮಶಾನ ಭೂಮಿ ಕೊರತೆ ಇತ್ತು. ನರಗುಂದ ತಾಲ್ಲೂಕಿನ 35 ಗ್ರಾಮಗಳ ಪೈಕಿ ಬಹುತೇಕ ಸ್ಮಶಾನ ಭೂಮಿ ಒದಗಿಸಲಾಗಿದೆ. ರೋಣ ತಾಲೂಕಿನ 55 ಗ್ರಾಮಗಳ ಪೈಕಿ ನೈರ್ಮಲ್ಯದಲ್ಲಿ 1.4 ಎಕರೆ,
ಮುಗಳ ಗ್ರಾಮದಲ್ಲಿ 1.20 ಎಕರೆ, ತಳಗಿಲ 1.10, ಹೊಸ್ಲಿಗಾನುರ 20 ಗುಂಟೆ, ಬೆಳವಣಿಕಿ 1 ಎಕರೆ, ಬಸಲಾಪುರ 1.20 ಎಕರೆ, ಹಿರೇಹಳ್ಳೂರು 1.20 ಎಕರೆ, ಕೊತಬಾಳ 3 ಎಕರೆ ಹಾಗೂ ಎಸ್ ಕುರುವಿನಕ ಗ್ರಾಮಕ್ಕೆ 1 ಎಕರೆ ಸೇರಿ ಒಟ್ಟು 9 ಗ್ರಾಮಗಳಿಗೆ ಸ್ಮಶಾನ ಭೂಮಿ ಖರೀದಿಸಲು ಸರ್ಕಾರಕ್ಕೆ ಭೂಸ್ವಾಧೀನ ಪ್ರಸ್ತಾವನೆ ಸಲ್ಲಿಸಿದೆ. ಶಿರಹಟ್ಟಿ ತಾಲ್ಲೂಕಿನ ಹಲವು ಗ್ರಾಮಗಳಿಗೆ ಗುರುತಿಸಲಾಗಿದೆ. ಗದಗ ತಾಲೂಕಿನ 2 ಎಕರೆ, ಗುಡ್ಡಗಂಗಳ 1 ಎಕರೆ, ಶಿರುಂಜ 1 ಎಕರೆ, ಬೂದಿಹಾಳ 1.365 ಎಕರೆ,
ಮಾರನಬಸರಿ 2 ಎಕರೆ ಹಾಗೂ ಹಳ್ಳಿಕೇರಿ ಗ್ರಾಮಕ್ಕೆ 2.20 ಎಕರೆ ಭೂಸ್ವಾಧೀನ ಪ್ರಕ್ರಿಯೆ ನಡೆದಿದೆ. ಖರೀದಿ ಹಂತದ ಪ್ರಸ್ತಾವನೆ: ಜಿಲ್ಲೆಯ ಕೆಲ ಗ್ರಾಮಗಳಿಗೆ ಭೂಸ್ವಾಧೀನ ಪ್ರಕ್ರಿಯೆ ಮುಗಿದು ನಂತರ ಖರೀದಿ ಹಂತಕ್ಕೆ ಪ್ರಕ್ರಿಯೆ ಜಾರಿಯಲ್ಲಿದೆ. ಜಿಲ್ಲೆಯ ಬಾಕಿ ಉಳಿದ ಗ್ರಾಮಗಳಲ್ಲಿ ಕೆಲವೇ ತಿಂಗಳಲ್ಲಿ ಶವ ಸಂಸ್ಕಾರಕ್ಕೆ ಸ್ಥಳಾವಕಾಶ ನೀಡಲಾಗುವುದು. ಗದಗ ತಾಲೂಕಿನ ಹಂಗನಕಟ್ಟಿಯಲ್ಲಿ 3 ಎಕರೆ ಹಾಗೂ ಮುಂದೂರು ಗ್ರಾಮದಲ್ಲಿ ಎಕರೆ ಖರೀದಿ ಪ್ರಕ್ರಿಯೆ ನಡೆದಿದೆ. ಅದೇ ರೀತಿ ರೋಣ ತಾಲೂಕಿನ ಅಮರಗೋಳ ಗ್ರಾಮದ 1.1 ಎಕರೆ, ಹೊಳೆ ಆಲೂರ ಗ್ರಾಮದ 1 ಎಕರೆ, ನಾಗರಾಳ 1 ಎಕರೆ, ಬೆಳವಣಿಕಿ 3 ಎಕರೆ, ಸೂಡಿ 2 ಎಕರೆ, ರೋಣ ನೆಲ್ಲೂರ ಗ್ರಾಮದ 2 ಎಕರೆ, ನಾರಾಯಣಪುರ 33 ಗುಂಟೆ, ಗಜೇಂದ್ರಗಡ ತಾಲ್ಲೂಕಿನ ಚಿಲಝರಿ ಗ್ರಾಮದ 19 ಗುಂಟೆ ಹಾಗೂ ಕೆಲವು ಗ್ರಾಮಕ್ಕೆ 2 ಎಕರೆ ಖರೀದಿ ಪ್ರಕ್ರಿಯೆ ಚಾಲ್ತಿಯಲ್ಲಿದೆ. ಲಕ್ಷ್ಮೇಶ್ವರ ತಾಲ್ಲೂಕಿನಲ್ಲಿ ಒಟ್ಟು 18 ಗ್ರಾಮಗಳ ಸ್ಮಶಾನ ಭೂಮಿ ಕೊರತೆ ನೀಗಿಸಲು ಕ್ರಮ ಕೈಗೊಳ್ಳಲಾಗಿದೆ. ಮುಂಡರಗಿ ತಾಲೂಕಿನ ಕೆಲವು ಗ್ರಾಮಗಳಿಗೆ ಸ್ಮಶಾನ ಭೂಮಿ ಖರೀದಿಗೆ ಸರ್ಕಾರದಿಂದ ಅನುದಾನ ಬಿಡುಗಡೆ ಆಗಬೇಕಿದೆ.
